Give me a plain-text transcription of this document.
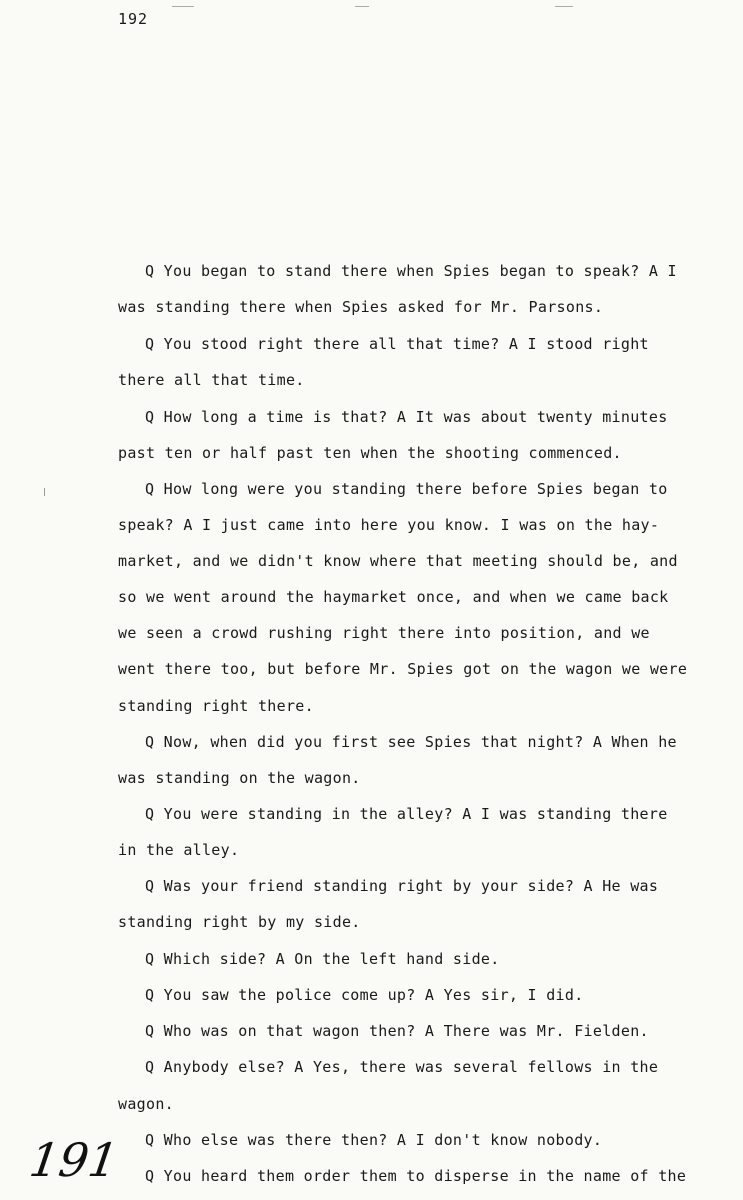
192
Q You began to stand there when Spies began to speak? A I
was standing there when Spies asked for Mr. Parsons.
Q You stood right there all that time? A I stood right
there all that time.
Q How long a time is that? A It was about twenty minutes
past ten or half past ten when the shooting commenced.
Q How long were you standing there before Spies began to
speak? A I just came into here you know. I was on the hay-
market, and we didn't know where that meeting should be, and
so we went around the haymarket once, and when we came back
we seen a crowd rushing right there into position, and we
went there too, but before Mr. Spies got on the wagon we were
standing right there.
Q Now, when did you first see Spies that night? A When he
was standing on the wagon.
Q You were standing in the alley? A I was standing there
in the alley.
Q Was your friend standing right by your side? A He was
standing right by my side.
Q Which side? A On the left hand side.
Q You saw the police come up? A Yes sir, I did.
Q Who was on that wagon then? A There was Mr. Fielden.
Q Anybody else? A Yes, there was several fellows in the
wagon.
Q Who else was there then? A I don't know nobody.
Q You heard them order them to disperse in the name of the
191
